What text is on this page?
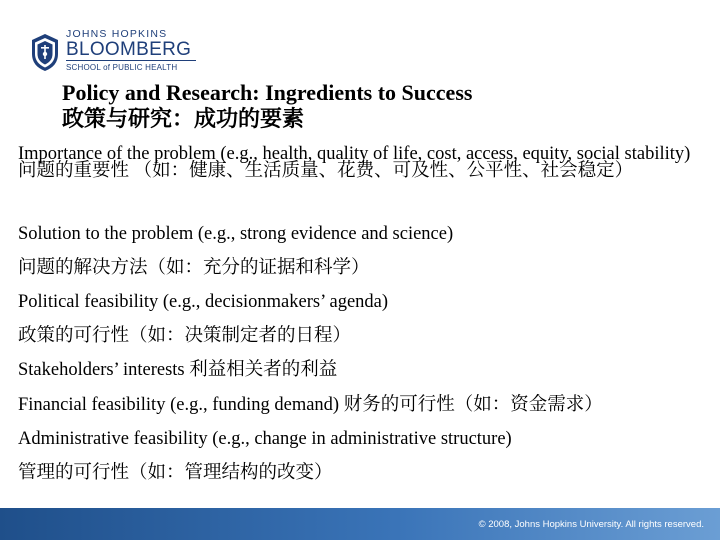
JOHNS HOPKINS
BLOOMBERG
SCHOOL of PUBLIC HEALTH
Policy and Research: Ingredients to Success
政策与研究：成功的要素
Importance of the problem (e.g., health, quality of life, cost, access, equity, social stability) 问题的重要性 （如：健康、生活质量、花费、可及性、公平性、社会稳定）
Solution to the problem (e.g., strong evidence and science)
问题的解决方法（如：充分的证据和科学）
Political feasibility (e.g., decisionmakers’ agenda)
政策的可行性（如：决策制定者的日程）
Stakeholders’ interests 利益相关者的利益
Financial feasibility (e.g., funding demand) 财务的可行性（如：资金需求）
Administrative feasibility (e.g., change in administrative structure)
管理的可行性（如：管理结构的改变）
© 2008, Johns Hopkins University. All rights reserved.
